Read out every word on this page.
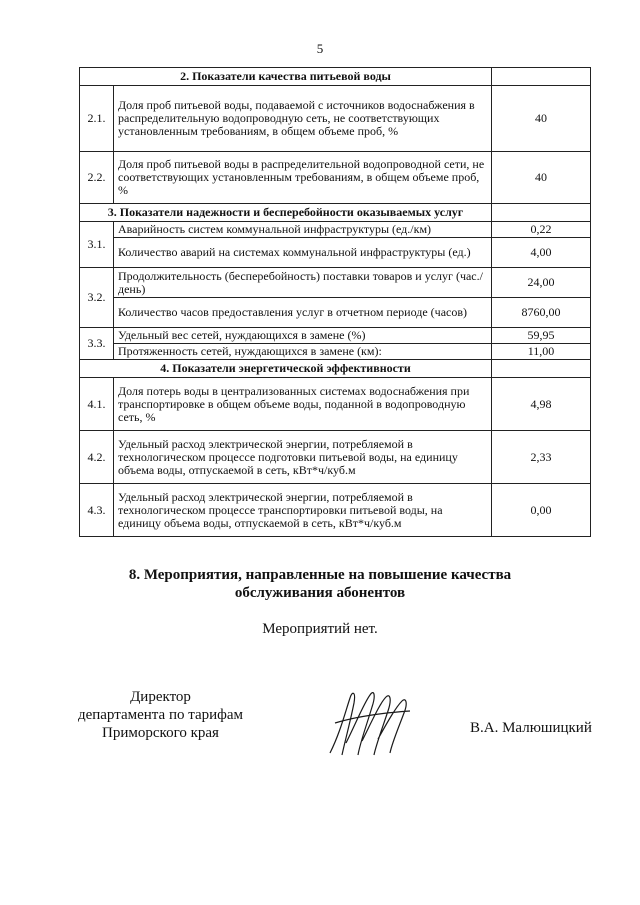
5
2. Показатели качества питьевой воды		
2.1.	Доля проб питьевой воды, подаваемой с источников водоснабжения в распределительную водопроводную сеть, не соответствующих установленным требованиям, в общем объеме проб, %	40
2.2.	Доля проб питьевой воды в распределительной водопроводной сети, не соответствующих установленным требованиям, в общем объеме проб, %	40
3. Показатели надежности и бесперебойности оказываемых услуг		
3.1.	Аварийность систем коммунальной инфраструктуры (ед./км)	0,22
	Количество аварий на системах коммунальной инфраструктуры (ед.)	4,00
3.2.	Продолжительность (бесперебойность) поставки товаров и услуг (час./день)	24,00
	Количество часов предоставления услуг в отчетном периоде (часов)	8760,00
3.3.	Удельный вес сетей, нуждающихся в замене (%)	59,95
	Протяженность сетей, нуждающихся в замене (км):	11,00
4. Показатели энергетической эффективности		
4.1.	Доля потерь воды в централизованных системах водоснабжения при транспортировке в общем объеме воды, поданной в водопроводную сеть, %	4,98
4.2.	Удельный расход электрической энергии, потребляемой в технологическом процессе подготовки питьевой воды, на единицу объема воды, отпускаемой в сеть, кВт*ч/куб.м	2,33
4.3.	Удельный расход электрической энергии, потребляемой в технологическом процессе транспортировки питьевой воды, на единицу объема воды, отпускаемой в сеть, кВт*ч/куб.м	0,00
8. Мероприятия, направленные на повышение качества
обслуживания абонентов
Мероприятий нет.
Директор
департамента по тарифам
Приморского края	В.А. Малюшицкий
